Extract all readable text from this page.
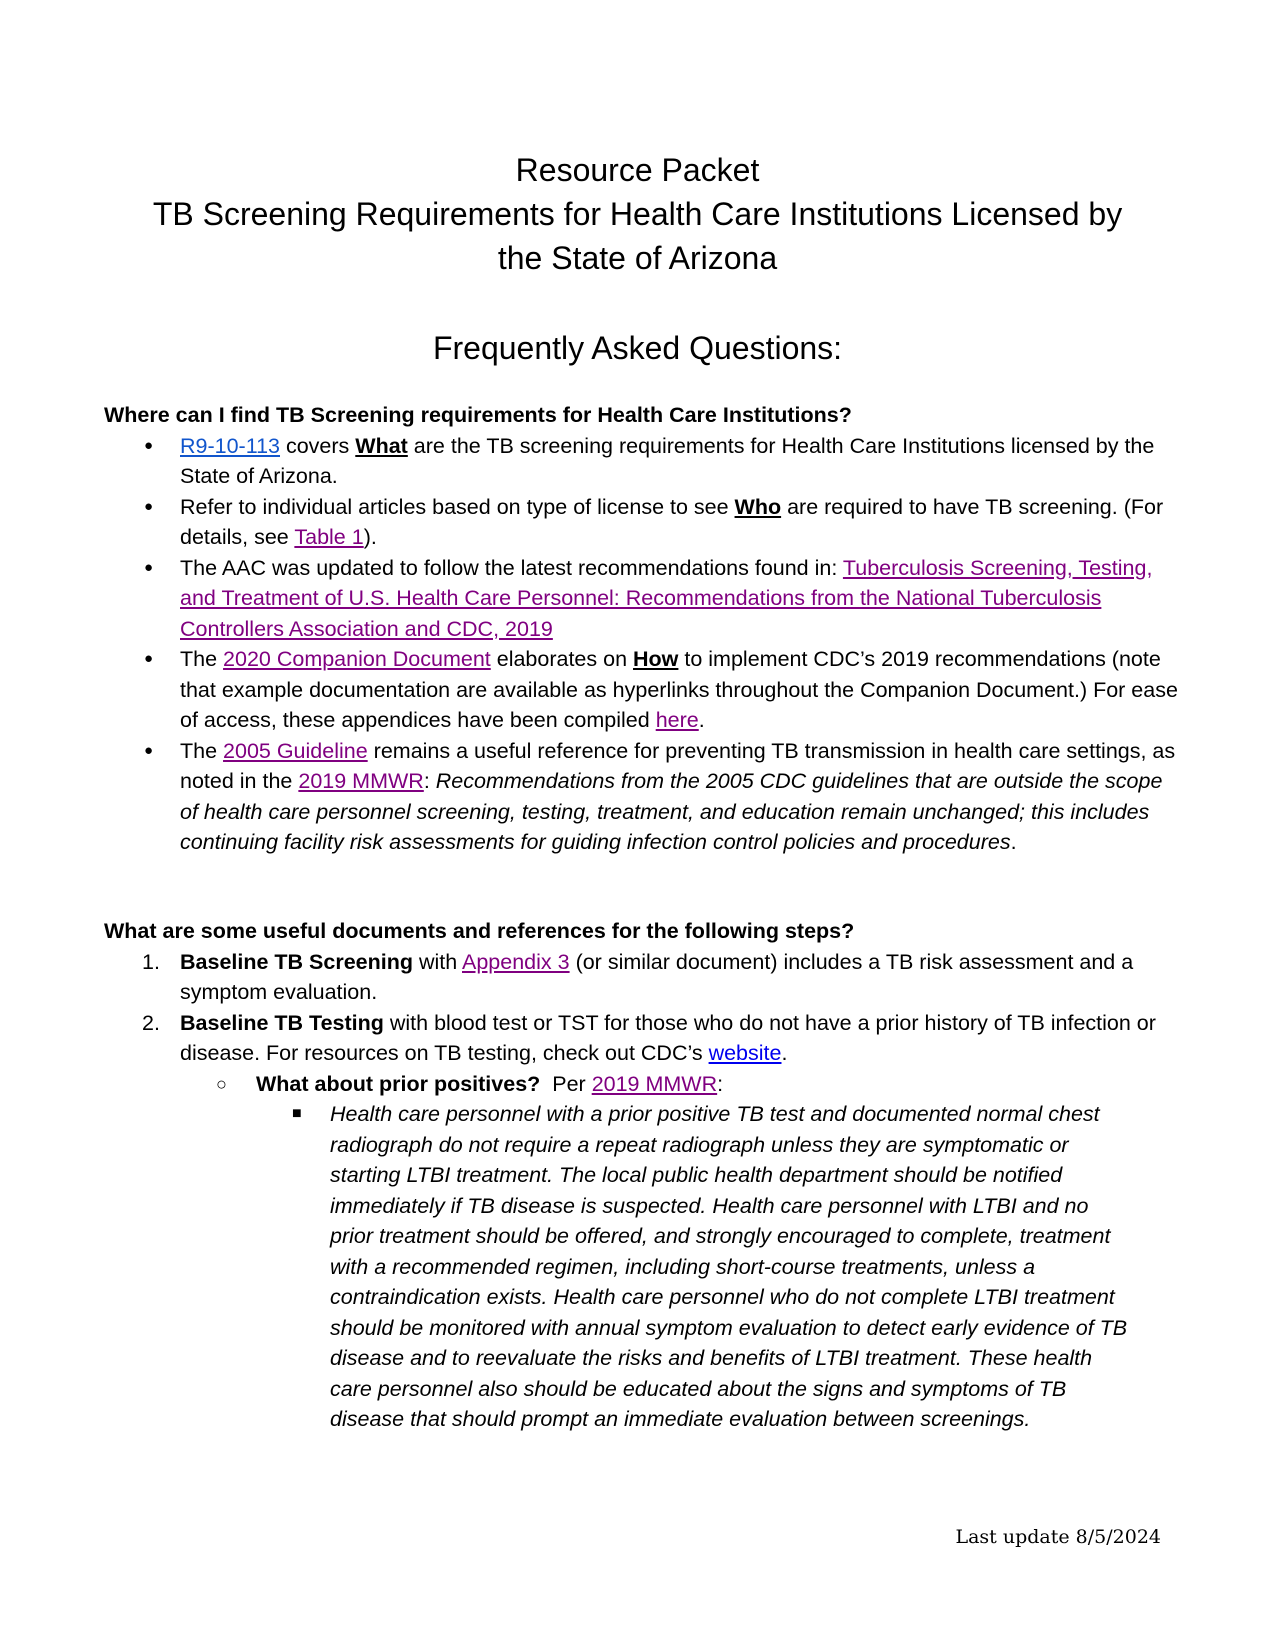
Resource Packet
TB Screening Requirements for Health Care Institutions Licensed by
the State of Arizona
Frequently Asked Questions:

Where can I find TB Screening requirements for Health Care Institutions?

● R9-10-113 covers What are the TB screening requirements for Health Care Institutions licensed by the State of Arizona.
● Refer to individual articles based on type of license to see Who are required to have TB screening. (For details, see Table 1).
● The AAC was updated to follow the latest recommendations found in: Tuberculosis Screening, Testing, and Treatment of U.S. Health Care Personnel: Recommendations from the National Tuberculosis Controllers Association and CDC, 2019
● The 2020 Companion Document elaborates on How to implement CDC’s 2019 recommendations (note that example documentation are available as hyperlinks throughout the Companion Document.) For ease of access, these appendices have been compiled here.
● The 2005 Guideline remains a useful reference for preventing TB transmission in health care settings, as noted in the 2019 MMWR: Recommendations from the 2005 CDC guidelines that are outside the scope of health care personnel screening, testing, treatment, and education remain unchanged; this includes continuing facility risk assessments for guiding infection control policies and procedures.

What are some useful documents and references for the following steps?

1. Baseline TB Screening with Appendix 3 (or similar document) includes a TB risk assessment and a symptom evaluation.
2. Baseline TB Testing with blood test or TST for those who do not have a prior history of TB infection or disease. For resources on TB testing, check out CDC’s website.
○ What about prior positives?  Per 2019 MMWR:
■ Health care personnel with a prior positive TB test and documented normal chest radiograph do not require a repeat radiograph unless they are symptomatic or starting LTBI treatment. The local public health department should be notified immediately if TB disease is suspected. Health care personnel with LTBI and no prior treatment should be offered, and strongly encouraged to complete, treatment with a recommended regimen, including short-course treatments, unless a contraindication exists. Health care personnel who do not complete LTBI treatment should be monitored with annual symptom evaluation to detect early evidence of TB disease and to reevaluate the risks and benefits of LTBI treatment. These health care personnel also should be educated about the signs and symptoms of TB disease that should prompt an immediate evaluation between screenings.
Last update 8/5/2024
